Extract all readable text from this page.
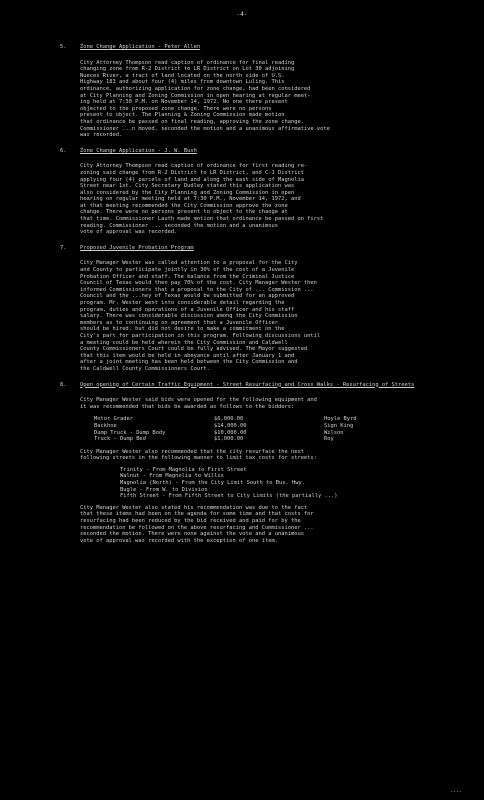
-4-
5.	Zone Change Application - Peter Allen
City Attorney Thompson read caption of ordinance for final reading
changing zone from R-2 District to LR District on Lot 30 adjoining
Nueces River, a tract of land located on the north side of U.S.
Highway 183 and about four (4) miles from downtown Luling. This
ordinance, authorizing application for zone change, had been considered
at City Planning and Zoning Commission in open hearing at regular meet-
ing held at 7:30 P.M. on November 14, 1972. No one there present
objected to the proposed zone change. There were no persons
present to object. The Planning & Zoning Commission made motion
that ordinance be passed on final reading, approving the zone change.
Commissioner ...n moved, seconded the motion and a unanimous affirmative vote
was recorded.
6.	Zone Change Application - J. W. Bush
City Attorney Thompson read caption of ordinance for first reading re-
zoning said change from R-2 District to LR District, and C-1 District
applying four (4) parcels of land and along the east side of Magnolia
Street near 1st. City Secretary Dudley stated this application was
also considered by the City Planning and Zoning Commission in open
hearing on regular meeting held at 7:30 P.M., November 14, 1972, and
at that meeting recommended the City Commission approve the zone
change. There were no persons present to object to the change at
that time. Commissioner Lauth made motion that ordinance be passed on first
reading. Commissioner ... seconded the motion and a unanimous
vote of approval was recorded.
7.	Proposed Juvenile Probation Program
City Manager Wester was called attention to a proposal for the City
and County to participate jointly in 30% of the cost of a Juvenile
Probation Officer and staff. The balance from the Criminal Justice
Council of Texas would then pay 70% of the cost. City Manager Wester then
informed Commissioners that a proposal to the City of ... Commission ...
Council and the ...ney of Texas would be submitted for an approved
program. Mr. Wester went into considerable detail regarding the
program, duties and operations of a Juvenile Officer and his staff
salary. There was considerable discussion among the City Commission
members as to continuing on agreement that a Juvenile Officer
should be hired, but did not desire to make a commitment on the
City's part for participation in this program. Following discussions until
a meeting could be held wherein the City Commission and Caldwell
County Commissioners Court could be fully advised. The Mayor suggested
that this item would be held in abeyance until after January 1 and
after a joint meeting has been held between the City Commission and
the Caldwell County Commissioners Court.
8.	Open opening of Certain Traffic Equipment - Street Resurfacing and Cross Walks - Resurfacing of Streets
City Manager Wester said bids were opened for the following equipment and
it was recommended that bids be awarded as follows to the bidders:
Motor Grader	$6,000.00	Hoyle Byrd
Backhoe	$14,000.00	Sign King
Dump Truck - Dump Body	$10,000.00	Wilson
Truck - Dump Bed	$1,000.00	Roy
City Manager Wester also recommended that the city resurface the next
following streets in the following manner to limit tax costs for streets:
Trinity - From Magnolia to First Street
Walnut - From Magnolia to Willis
Magnolia (North) - From the City Limit South to Bus. Hwy.
Bugle - From W. to Division
Fifth Street - From Fifth Street to City Limits (the partially ...)
City Manager Wester also stated his recommendation was due to the fact
that these items had been on the agenda for some time and that costs for
resurfacing had been reduced by the bid received and paid for by the
recommendation be followed on the above resurfacing and Commissioner ...
seconded the motion. There were none against the vote and a unanimous
vote of approval was recorded with the exception of one item.
----
